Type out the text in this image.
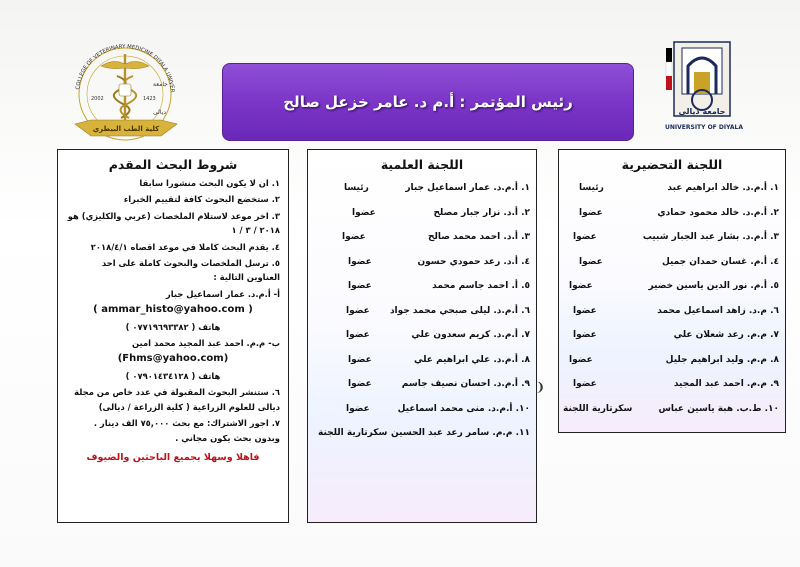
COLLEGE OF VETERINARY MEDICINE DIYALA UNIVER
2002	1423
جامعة
ديالى
كلية الطب البيطري
جامعة ديالى
UNIVERSITY OF DIYALA
رئيس المؤتمر : أ.م د. عامر خزعل صالح
اللجنة التحضيرية
١. أ.م.د. خالد ابراهيم عبد
رئيسا
٢. أ.م.د. خالد محمود حمادي
عضوا
٣. أ.م.د. بشار عبد الجبار شبيب
عضوا
٤. أ.م. غسان حمدان جميل
عضوا
٥. أ.م. نور الدين ياسين خضير
عضوا
٦. م.د. زاهد اسماعيل محمد
عضوا
٧. م.م. رعد شعلان علي
عضوا
٨. م.م. وليد ابراهيم جليل
عضوا
٩. م.م. احمد عبد المجيد
عضوا
١٠. ط.ب. هبة ياسين عباس
سكرتارية اللجنة
اللجنة العلمية
١. أ.م.د. عمار اسماعيل جبار
رئيسا
٢. أ.د. نزار جبار مصلح
عضوا
٣. أ.د. احمد محمد صالح
عضوا
٤. أ.د. رعد حمودي حسون
عضوا
٥. أ. احمد جاسم محمد
عضوا
٦. أ.م.د. ليلى صبحي محمد جواد
عضوا
٧. أ.م.د. كريم سعدون علي
عضوا
٨. أ.م.د. علي ابراهيم علي
عضوا
٩. أ.م.د. احسان نصيف جاسم
عضوا
١٠. أ.م.د. منى محمد اسماعيل
عضوا
١١. م.م. سامر رعد عبد الحسين
سكرتارية اللجنة
شروط البحث المقدم

١. ان لا يكون البحث منشورا سابقا

٢. ستخضع البحوث كافة لتقييم الخبراء

٣. اخر موعد لاستلام الملخصات (عربي والكليزي) هو ٢٠١٨ / ٣ / ١

٤. يقدم البحث كاملا في موعد اقصاه ٢٠١٨/٤/١

٥. ترسل الملخصات والبحوث كاملة على احد العناوين التالية :

أ- أ.م.د. عمار اسماعيل جبار

( ammar_histo@yahoo.com )

هاتف ( ٠٧٧١٩٦٩٣٣٨٢ )

ب- م.م. احمد عبد المجيد محمد امين

(Fhms@yahoo.com)

هاتف ( ٠٧٩٠١٤٣٤١٢٨ )

٦. ستنشر البحوث المقبولة في عدد خاص من مجلة ديالى للعلوم الزراعية ( كلية الزراعة / ديالى)

٧. اجور الاشتراك: مع بحث ٧٥,٠٠٠ الف دينار . وبدون بحث يكون مجاني .

فاهلا وسهلا بجميع الباحثين والضيوف
❩
